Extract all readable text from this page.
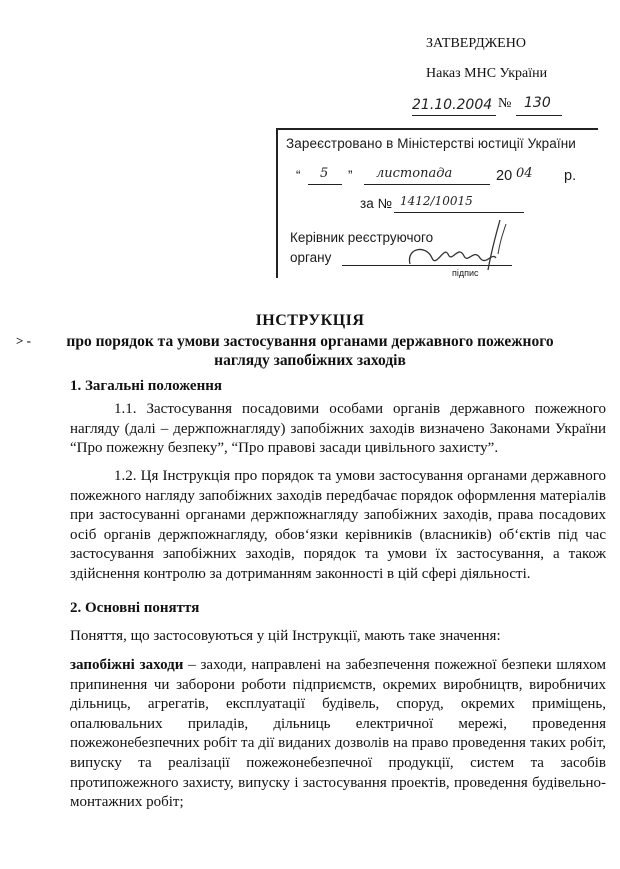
ЗАТВЕРДЖЕНО
Наказ МНС України
21.10.2004 № 130
Зареєстровано в Міністерстві юстиції України
“ 5 ” листопада	20 04 р.
за № 1412/10015
Керівник реєструючого
органу
підпис
> -
ІНСТРУКЦІЯ
про порядок та умови застосування органами державного пожежного
нагляду запобіжних заходів
1. Загальні положення
1.1. Застосування посадовими особами органів державного пожежного нагляду (далі – держпожнагляду) запобіжних заходів визначено Законами України “Про пожежну безпеку”, “Про правові засади цивільного захисту”.
1.2. Ця Інструкція про порядок та умови застосування органами державного пожежного нагляду запобіжних заходів передбачає порядок оформлення матеріалів при застосуванні органами держпожнагляду запобіжних заходів, права посадових осіб органів держпожнагляду, обов‘язки керівників (власників) об‘єктів під час застосування запобіжних заходів, порядок та умови їх застосування, а також здійснення контролю за дотриманням законності в цій сфері діяльності.
2. Основні поняття
Поняття, що застосовуються у цій Інструкції, мають таке значення:
запобіжні заходи – заходи, направлені на забезпечення пожежної безпеки шляхом припинення чи заборони роботи підприємств, окремих виробництв, виробничих дільниць, агрегатів, експлуатації будівель, споруд, окремих приміщень, опалювальних приладів, дільниць електричної мережі, проведення пожежонебезпечних робіт та дії виданих дозволів на право проведення таких робіт, випуску та реалізації пожежонебезпечної продукції, систем та засобів протипожежного захисту, випуску і застосування проектів, проведення будівельно-монтажних робіт;
